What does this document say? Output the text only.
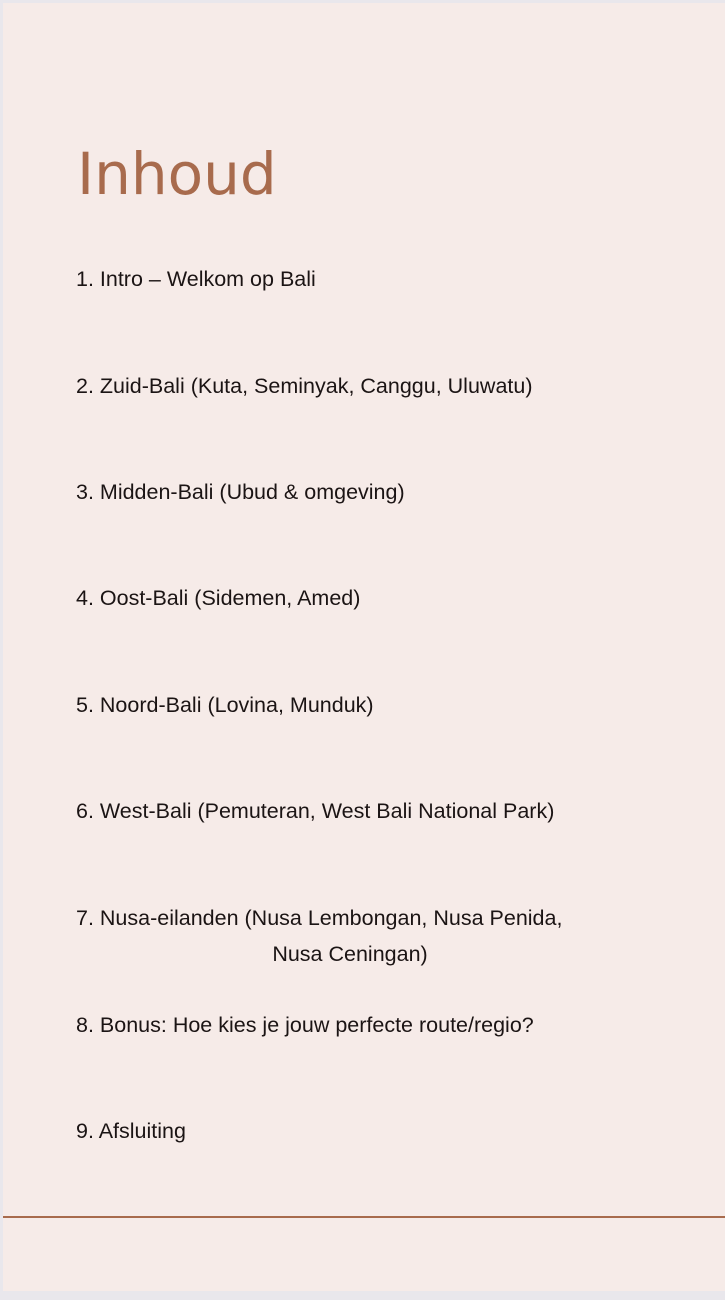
Inhoud
1. Intro – Welkom op Bali
2. Zuid-Bali (Kuta, Seminyak, Canggu, Uluwatu)
3. Midden-Bali (Ubud & omgeving)
4. Oost-Bali (Sidemen, Amed)
5. Noord-Bali (Lovina, Munduk)
6. West-Bali (Pemuteran, West Bali National Park)
7. Nusa-eilanden (Nusa Lembongan, Nusa Penida,
Nusa Ceningan)
8. Bonus: Hoe kies je jouw perfecte route/regio?
9. Afsluiting
